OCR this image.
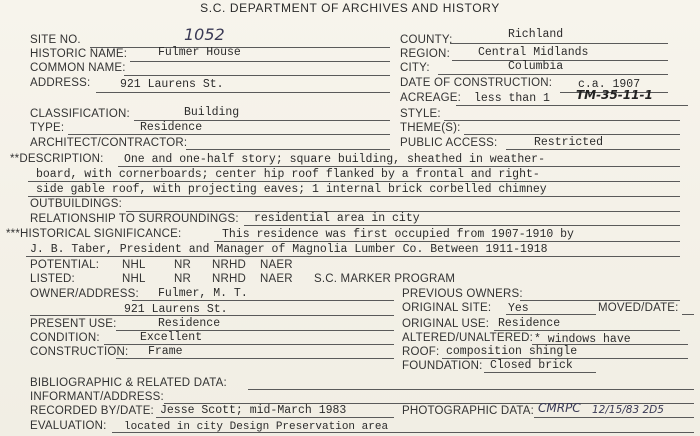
S.C. DEPARTMENT OF ARCHIVES AND HISTORY
SITE NO.	1052	COUNTY:	Richland
HISTORIC NAME:	Fulmer House	REGION: Central Midlands
COMMON NAME:	CITY:	Columbia
ADDRESS:	921 Laurens St.	DATE OF CONSTRUCTION: c.a. 1907
ACREAGE: less than 1 TM-35-11-1
CLASSIFICATION:	Building	STYLE:
TYPE:	Residence	THEME(S):
ARCHITECT/CONTRACTOR:	PUBLIC ACCESS:	Restricted
**DESCRIPTION: One and one-half story; square building, sheathed in weather-
board, with cornerboards; center hip roof flanked by a frontal and right-
side gable roof, with projecting eaves; 1 internal brick corbelled chimney
OUTBUILDINGS:
RELATIONSHIP TO SURROUNDINGS: residential area in city
***HISTORICAL SIGNIFICANCE:	This residence was first occupied from 1907-1910 by
J. B. Taber, President and Manager of Magnolia Lumber Co. Between 1911-1918
POTENTIAL: NHL NR NRHD NAER
LISTED:	NHL NR NRHD NAER S.C. MARKER PROGRAM
OWNER/ADDRESS: Fulmer, M. T.
921 Laurens St.
PREVIOUS OWNERS:
ORIGINAL SITE: Yes	MOVED/DATE:
PRESENT USE:	Residence	ORIGINAL USE: Residence
CONDITION:	Excellent	ALTERED/UNALTERED: * windows have
CONSTRUCTION: Frame	ROOF: composition shingle
FOUNDATION: Closed brick
BIBLIOGRAPHIC & RELATED DATA:
INFORMANT/ADDRESS:
RECORDED BY/DATE: Jesse Scott; mid-March 1983	PHOTOGRAPHIC DATA: CMRPC 12/15/83 2D5
EVALUATION: located in city Design Preservation area
